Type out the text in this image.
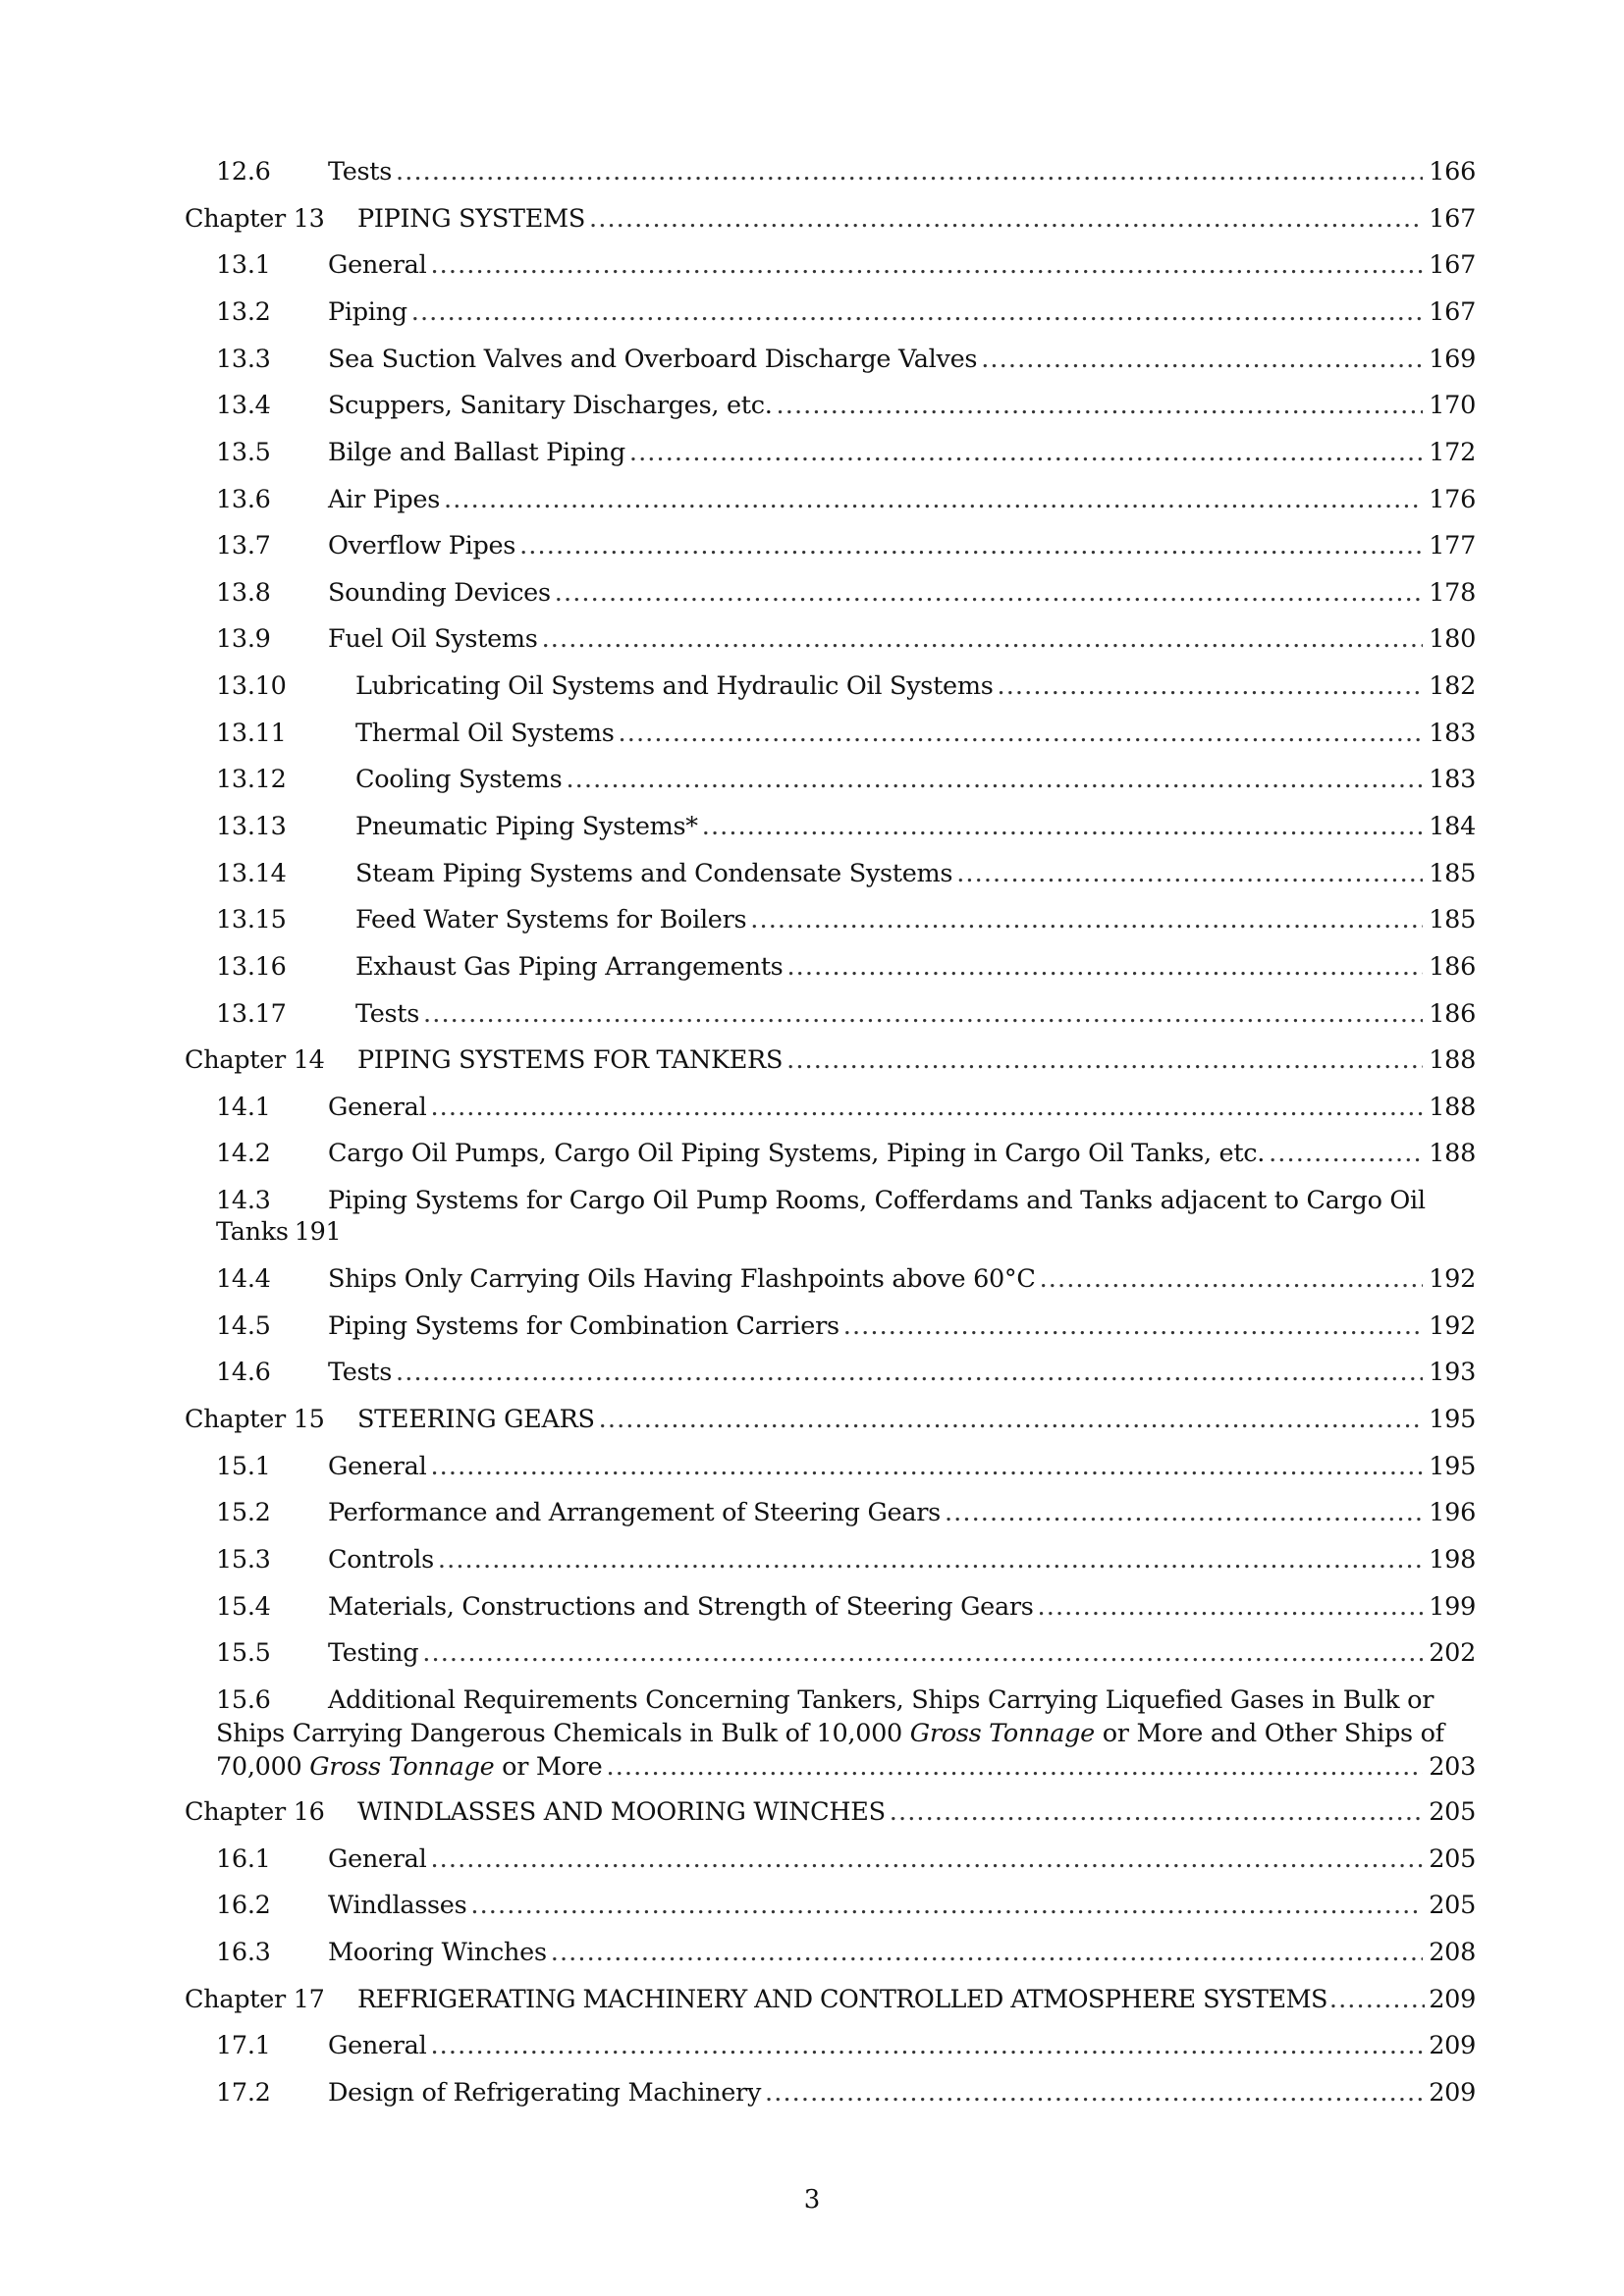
12.6	Tests . . .	166
Chapter 13	PIPING SYSTEMS . . .	167
13.1	General . . .	167
13.2	Piping . . .	167
13.3	Sea Suction Valves and Overboard Discharge Valves . . .	169
13.4	Scuppers, Sanitary Discharges, etc. . . .	170
13.5	Bilge and Ballast Piping . . .	172
13.6	Air Pipes . . .	176
13.7	Overflow Pipes . . .	177
13.8	Sounding Devices . . .	178
13.9	Fuel Oil Systems . . .	180
13.10	Lubricating Oil Systems and Hydraulic Oil Systems . . .	182
13.11	Thermal Oil Systems . . .	183
13.12	Cooling Systems . . .	183
13.13	Pneumatic Piping Systems* . . .	184
13.14	Steam Piping Systems and Condensate Systems . . .	185
13.15	Feed Water Systems for Boilers . . .	185
13.16	Exhaust Gas Piping Arrangements . . .	186
13.17	Tests . . .	186
Chapter 14	PIPING SYSTEMS FOR TANKERS . . .	188
14.1	General . . .	188
14.2	Cargo Oil Pumps, Cargo Oil Piping Systems, Piping in Cargo Oil Tanks, etc. . . .	188
14.3	Piping Systems for Cargo Oil Pump Rooms, Cofferdams and Tanks adjacent to Cargo Oil
Tanks 191
14.4	Ships Only Carrying Oils Having Flashpoints above 60°C . . .	192
14.5	Piping Systems for Combination Carriers . . .	192
14.6	Tests . . .	193
Chapter 15	STEERING GEARS . . .	195
15.1	General . . .	195
15.2	Performance and Arrangement of Steering Gears . . .	196
15.3	Controls . . .	198
15.4	Materials, Constructions and Strength of Steering Gears . . .	199
15.5	Testing . . .	202
15.6	Additional Requirements Concerning Tankers, Ships Carrying Liquefied Gases in Bulk or
Ships Carrying Dangerous Chemicals in Bulk of 10,000 Gross Tonnage or More and Other Ships of
70,000 Gross Tonnage or More . . .	203
Chapter 16	WINDLASSES AND MOORING WINCHES . . .	205
16.1	General . . .	205
16.2	Windlasses . . .	205
16.3	Mooring Winches . . .	208
Chapter 17	REFRIGERATING MACHINERY AND CONTROLLED ATMOSPHERE SYSTEMS . . .	209
17.1	General . . .	209
17.2	Design of Refrigerating Machinery . . .	209
3
